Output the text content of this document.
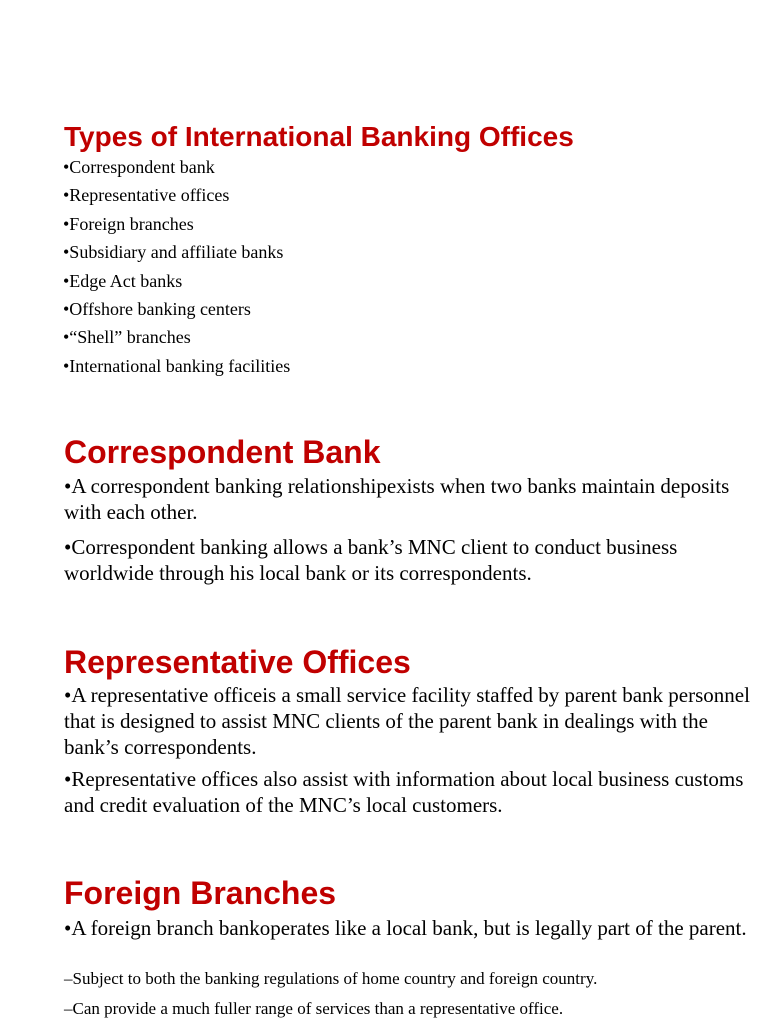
Types of International Banking Offices
•Correspondent bank
•Representative offices
•Foreign branches
•Subsidiary and affiliate banks
•Edge Act banks
•Offshore banking centers
•“Shell” branches
•International banking facilities
Correspondent Bank

•A correspondent banking relationshipexists when two banks maintain deposits with each other.

•Correspondent banking allows a bank’s MNC client to conduct business worldwide through his local bank or its correspondents.

Representative Offices

•A representative officeis a small service facility staffed by parent bank personnel that is designed to assist MNC clients of the parent bank in dealings with the bank’s correspondents.

•Representative offices also assist with information about local business customs and credit evaluation of the MNC’s local customers.

Foreign Branches

•A foreign branch bankoperates like a local bank, but is legally part of the parent.

–Subject to both the banking regulations of home country and foreign country.

–Can provide a much fuller range of services than a representative office.
